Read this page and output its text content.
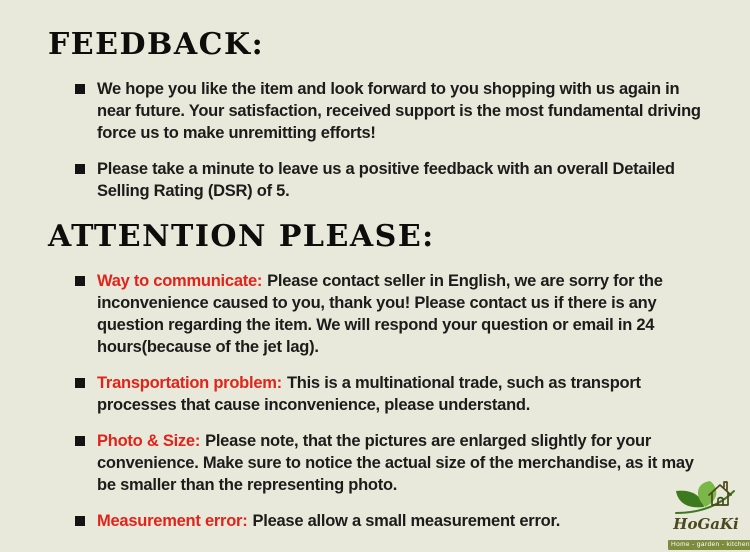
FEEDBACK:

We hope you like the item and look forward to you shopping with us again in near future. Your satisfaction, received support is the most fundamental driving force us to make unremitting efforts!

Please take a minute to leave us a positive feedback with an overall Detailed Selling Rating (DSR) of 5.

ATTENTION PLEASE:

Way to communicate: Please contact seller in English, we are sorry for the inconvenience caused to you, thank you! Please contact us if there is any question regarding the item. We will respond your question or email in 24 hours(because of the jet lag).

Transportation problem: This is a multinational trade, such as transport processes that cause inconvenience, please understand.

Photo & Size: Please note, that the pictures are enlarged slightly for your convenience. Make sure to notice the actual size of the merchandise, as it may be smaller than the representing photo.

Measurement error: Please allow a small measurement error.	HoGaKi
Home - garden - kitchen
